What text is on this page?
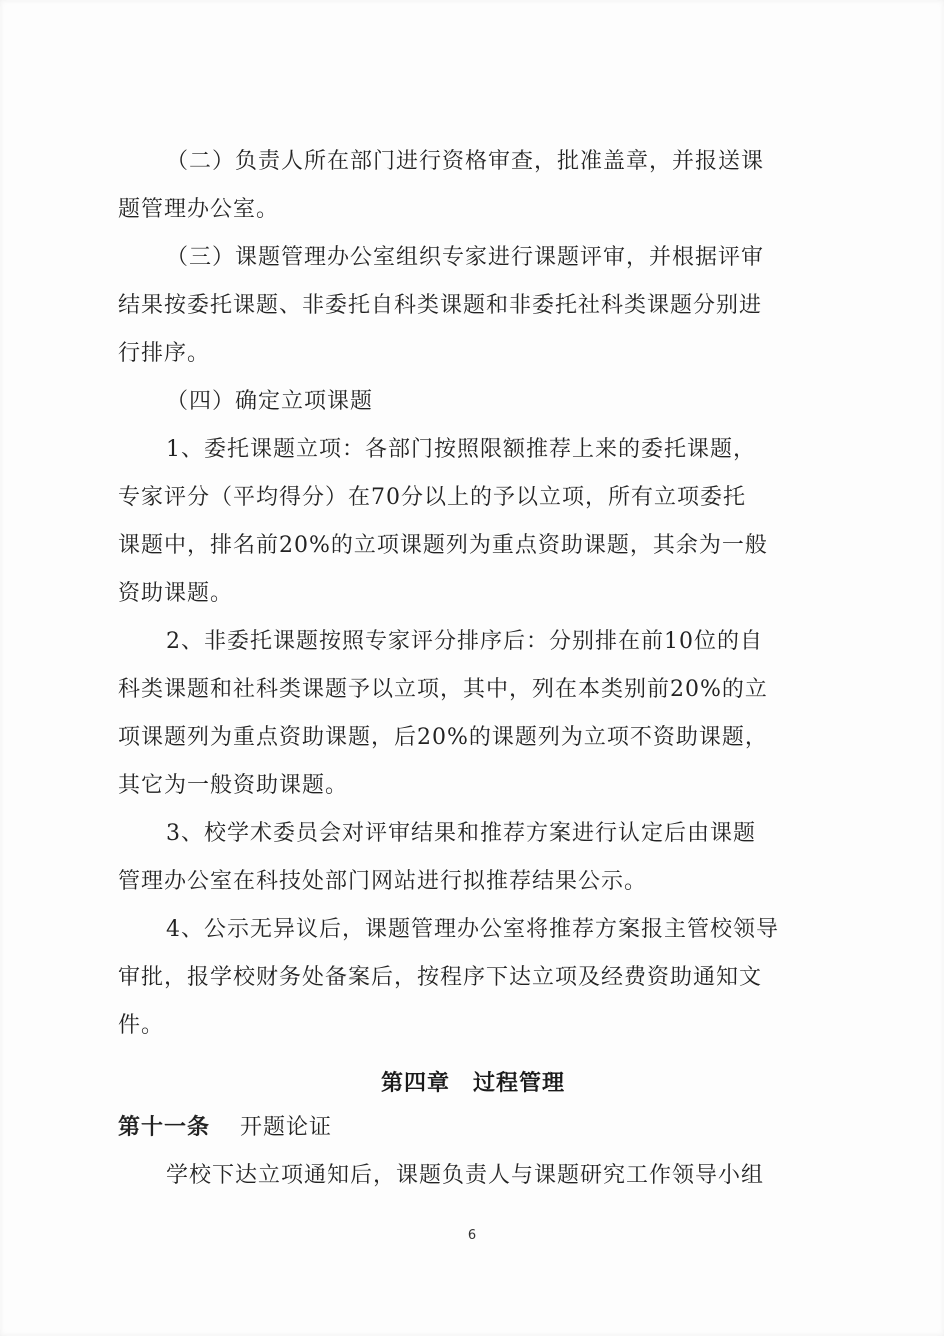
（二）负责人所在部门进行资格审查，批准盖章，并报送课
题管理办公室。

（三）课题管理办公室组织专家进行课题评审，并根据评审
结果按委托课题、非委托自科类课题和非委托社科类课题分别进
行排序。

（四）确定立项课题

1、委托课题立项：各部门按照限额推荐上来的委托课题，
专家评分（平均得分）在70分以上的予以立项，所有立项委托
课题中，排名前20%的立项课题列为重点资助课题，其余为一般
资助课题。

2、非委托课题按照专家评分排序后：分别排在前10位的自
科类课题和社科类课题予以立项，其中，列在本类别前20%的立
项课题列为重点资助课题，后20%的课题列为立项不资助课题，
其它为一般资助课题。

3、校学术委员会对评审结果和推荐方案进行认定后由课题
管理办公室在科技处部门网站进行拟推荐结果公示。

4、公示无异议后，课题管理办公室将推荐方案报主管校领导
审批，报学校财务处备案后，按程序下达立项及经费资助通知文
件。

第四章　过程管理
第十一条 开题论证

学校下达立项通知后，课题负责人与课题研究工作领导小组

6
